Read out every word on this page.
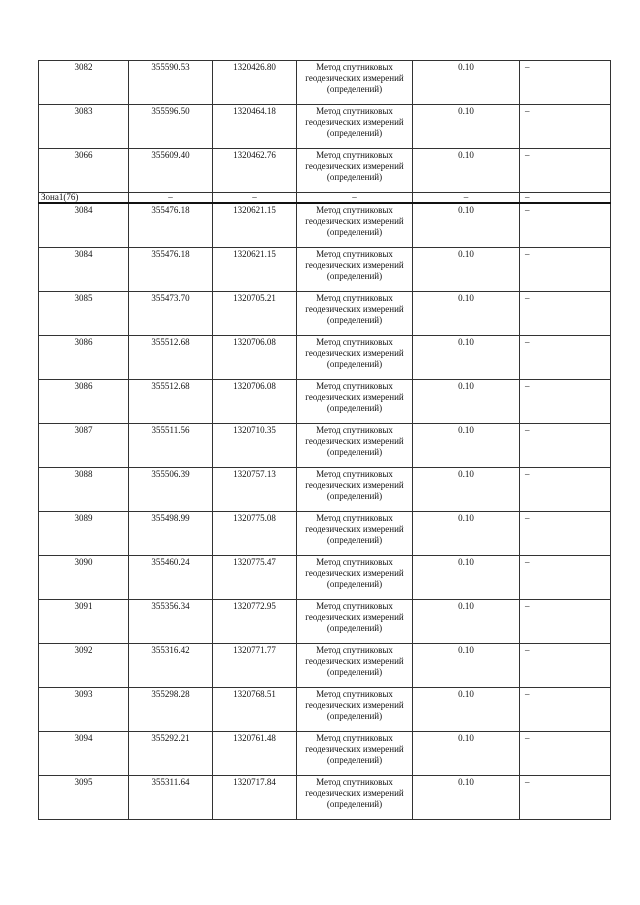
3082	355590.53	1320426.80	Метод спутниковых геодезических измерений (определений)	0.10	–
3083	355596.50	1320464.18	Метод спутниковых геодезических измерений (определений)	0.10	–
3066	355609.40	1320462.76	Метод спутниковых геодезических измерений (определений)	0.10	–
Зона1(76)	–	–	–	–	–
3084	355476.18	1320621.15	Метод спутниковых геодезических измерений (определений)	0.10	–
3084	355476.18	1320621.15	Метод спутниковых геодезических измерений (определений)	0.10	–
3085	355473.70	1320705.21	Метод спутниковых геодезических измерений (определений)	0.10	–
3086	355512.68	1320706.08	Метод спутниковых геодезических измерений (определений)	0.10	–
3086	355512.68	1320706.08	Метод спутниковых геодезических измерений (определений)	0.10	–
3087	355511.56	1320710.35	Метод спутниковых геодезических измерений (определений)	0.10	–
3088	355506.39	1320757.13	Метод спутниковых геодезических измерений (определений)	0.10	–
3089	355498.99	1320775.08	Метод спутниковых геодезических измерений (определений)	0.10	–
3090	355460.24	1320775.47	Метод спутниковых геодезических измерений (определений)	0.10	–
3091	355356.34	1320772.95	Метод спутниковых геодезических измерений (определений)	0.10	–
3092	355316.42	1320771.77	Метод спутниковых геодезических измерений (определений)	0.10	–
3093	355298.28	1320768.51	Метод спутниковых геодезических измерений (определений)	0.10	–
3094	355292.21	1320761.48	Метод спутниковых геодезических измерений (определений)	0.10	–
3095	355311.64	1320717.84	Метод спутниковых геодезических измерений (определений)	0.10	–
